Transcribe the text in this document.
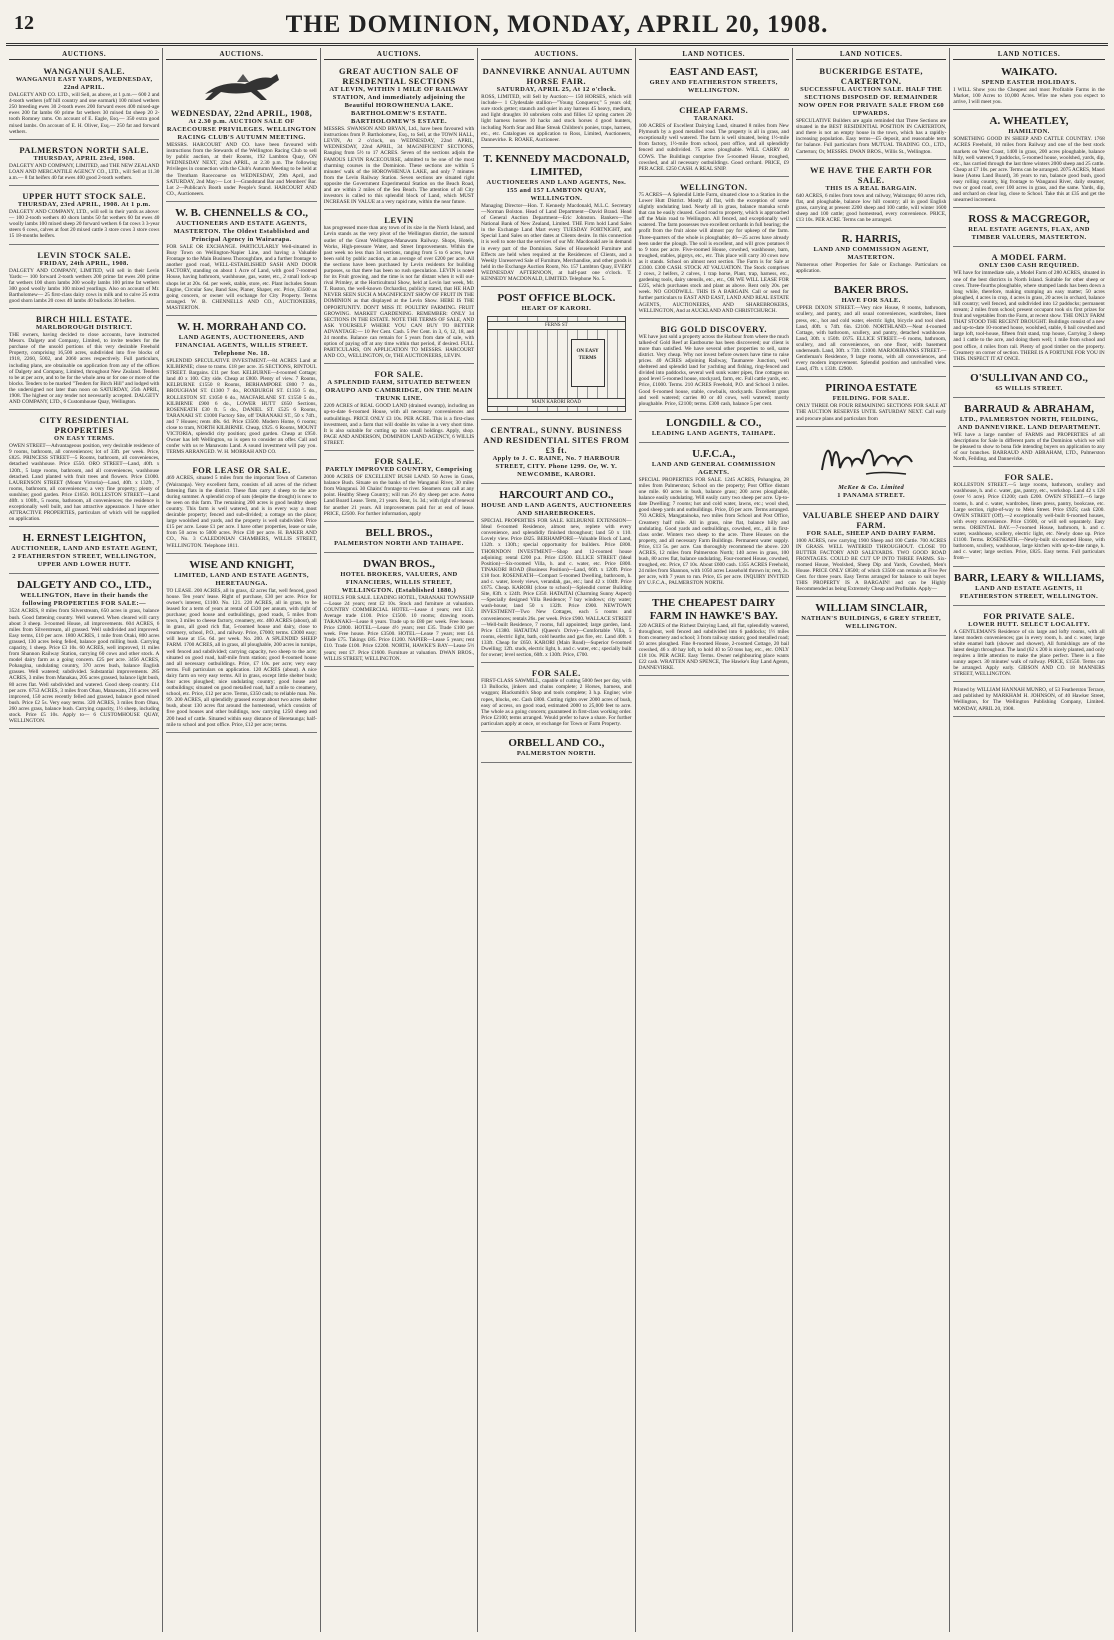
12	THE DOMINION, MONDAY, APRIL 20, 1908.
AUCTIONS.
WANGANUI SALE.
WANGANUI EAST YARDS, WEDNESDAY, 22nd APRIL.
DALGETY AND CO. LTD., will Sell, as above, at 1 p.m.— 600 2 and 4-tooth wethers (off hill country and one earmark) 100 mixed wethers 250 breeding ewes 30 2-tooth ewes 200 forward ewes 400 mixed-age ewes 200 fat lambs 60 prime fat wethers 30 mixed fat sheep 20 2-tooth Romney rams. On account of E. Eagle, Esq.— 350 extra good mixed lambs. On account of E. H. Oliver, Esq.— 250 fat and forward wethers.
PALMERSTON NORTH SALE.
THURSDAY, APRIL 23rd, 1908.
DALGETY AND COMPANY, LIMITED, and THE NEW ZEALAND LOAN AND MERCANTILE AGENCY CO., LTD., will Sell at 11.30 a.m.— 8 fat heifers 40 fat ewes 400 good 2-tooth wethers.
UPPER HUTT STOCK SALE.
THURSDAY, 23rd APRIL, 1908. At 1 p.m.
DALGETY AND COMPANY, LTD., will sell in their yards as above:— 100 2-tooth wethers 40 shorn lambs 50 fat wethers 60 fat ewes 40 woolly lambs 100 mixed sheep 20 forward wethers 6 fat cows 3 3-year steers 6 cows, calves at foot 20 mixed cattle 3 store cows 3 store cows 15 18-months heifers.
LEVIN STOCK SALE.
FRIDAY, 24th APRIL, 1908.
DALGETY AND COMPANY, LIMITED, will sell in their Levin Yards:— 100 forward 2-tooth wethers 200 prime fat ewes 200 prime fat wethers 100 shorn lambs 200 woolly lambs 100 prime fat wethers 300 good woolly lambs 100 mixed yearlings. Also on account of Mr. Bartholomew— 25 first-class dairy cows in milk and to calve 25 extra good shorn lambs 20 cows 40 lambs 40 bullocks 30 heifers.
BIRCH HILL ESTATE.
MARLBOROUGH DISTRICT.
THE owners, having decided to close accounts, have instructed Messrs. Dalgety and Company, Limited, to invite tenders for the purchase of the unsold portions of this very desirable Freehold Property, comprising 16,500 acres, subdivided into five blocks of 1918, 2260, 5002, and 2060 acres respectively. Full particulars, including plans, are obtainable on application from any of the offices of Dalgety and Company, Limited, throughout New Zealand. Tenders to be at per acre, and to be for the whole area or for one or more of the blocks. Tenders to be marked "Tenders for Birch Hill" and lodged with the undersigned not later than noon on SATURDAY, 25th APRIL, 1908. The highest or any tender not necessarily accepted. DALGETY AND COMPANY, LTD., 6 Customhouse Quay, Wellington.
CITY RESIDENTIAL PROPERTIES
ON EASY TERMS.
OWEN STREET—Advantageous position, very desirable residence of 9 rooms, bathroom, all conveniences; lot of 33ft. per week. Price, £825. PRINCESS STREET—5 Rooms, bathroom, all conveniences, detached washhouse. Price £550. ORO STREET—Land, 40ft. x 120ft., 5 large rooms, bathroom, and all conveniences, washhouse detached. Land planted with fruit trees and flowers. Price £1000. LAURENSON STREET (Mount Victoria)—Land, 40ft. x 132ft., 7 rooms, bathroom, all conveniences; a very fine property; plenty of sunshine; good garden. Price £1650. ROLLESTON STREET—Land 40ft. x 100ft., 5 rooms, bathroom, all conveniences; the residence is exceptionally well built, and has attractive appearance. I have other ATTRACTIVE PROPERTIES, particulars of which will be supplied on application.
H. ERNEST LEIGHTON,
AUCTIONEER, LAND AND ESTATE AGENT, 2 FEATHERSTON STREET, WELLINGTON, UPPER AND LOWER HUTT.
DALGETY AND CO., LTD.,
WELLINGTON, Have in their hands the following PROPERTIES FOR SALE:—
3524 ACRES, 8 miles from Silverstream, 650 acres in grass, balance bush. Good fattening country. Well watered. When cleared will carry about 3 sheep. 3-roomed House, all improvements. 604 ACRES, 6 miles from Silverstream, all grassed. Well subdivided and improved. Easy terms, £10 per acre. 1800 ACRES, 1 mile from Otaki, 800 acres grassed, 130 acres being felled, balance good milling bush. Carrying capacity, 1 sheep. Price £3 10s. 60 ACRES, well improved, 11 miles from Shannon Railway Station, carrying 60 cows and other stock. A model dairy farm as a going concern. £25 per acre. 3456 ACRES, Pohangina, undulating country, 370 acres bush, balance English grasses. Well watered; subdivided. Substantial improvements. 285 ACRES, 3 miles from Manakau, 205 acres grassed, balance light bush, 80 acres flat. Well subdivided and watered. Good sheep country. £14 per acre. 6753 ACRES, 3 miles from Ohau, Manawatu, 216 acres well improved, 150 acres recently felled and grassed, balance good mixed bush. Price £2 5s. Very easy terms. 320 ACRES, 3 miles from Ohau, 260 acres grass, balance bush. Carrying capacity, 1½ sheep, including stock. Price £5 10s. Apply to— 6 CUSTOMHOUSE QUAY, WELLINGTON.
AUCTIONS.
WEDNESDAY, 22nd APRIL, 1908,
At 2.30 p.m. AUCTION SALE OF RACECOURSE PRIVILEGES. WELLINGTON RACING CLUB'S AUTUMN MEETING.
MESSRS. HARCOURT AND CO. have been favoured with instructions from the Stewards of the Wellington Racing Club to sell by public auction, at their Rooms, 192 Lambton Quay, ON WEDNESDAY NEXT, 22nd APRIL, at 2.30 p.m. The following Privileges in connection with the Club's Autumn Meeting to be held at the Trentham Racecourse on WEDNESDAY, 29th April, and SATURDAY, 2nd May:— Lot 1—Grandstand Bar and Members' Bar. Lot 2—Publican's Booth under People's Stand. HARCOURT AND CO., Auctioneers.
W. B. CHENNELLS & CO.,
AUCTIONEERS AND ESTATE AGENTS, MASTERTON. The Oldest Established and Principal Agency in Wairarapa.
FOR SALE OR EXCHANGE. PARTICULARLY Well-situated in Busy Town on Wellington-Napier Line, and having a Valuable Frontage to the Main Business Thoroughfare, and a further frontage to another good road, WELL-ESTABLISHED SASH AND DOOR FACTORY, standing on about 1 Acre of Land, with good 7-roomed House, having bathroom, washhouse, gas, water, etc., 2 small lock-up shops let at 20s. 6d. per week, stable, store, etc. Plant includes Steam Engine, Circular Saw, Band Saw, Planer, Shaper, etc. Price, £3500 as going concern, or owner will exchange for City Property. Terms arranged. W. B. CHENNELLS AND CO., AUCTIONEERS, MASTERTON.
W. H. MORRAH AND CO.
LAND AGENTS, AUCTIONEERS, AND FINANCIAL AGENTS, WILLIS STREET. Telephone No. 18.
SPLENDID SPECULATIVE INVESTMENT.—84 ACRES Land at KILBIRNIE; close to trams. £18 per acre. 35 SECTIONS, RINTOUL STREET. Bargains. £11 per foot. KELBURNE—4-roomed Cottage; land 40 x 100. City side. Cheap at £800. Plenty of view. 7 Rooms, KELBURNE £1550 8 Rooms, BERHAMPORE £800 7 do., BROUGHAM ST. £1300 7 do., ROXBURGH ST. £1350 5 do., ROLLESTON ST. £1050 6 do., MACFARLANE ST. £1550 5 do., KILBIRNIE £900 6 do., LOWER HUTT £650 Sections, ROSENEATH £30 ft. 5 do., DANIEL ST. £525 6 Rooms, TARANAKI ST. £1000 Factory Site, off TARANAKI ST., 50 x 74ft., and 7 Houses; rents 48s. 6d. Price £3500. Modern Home, 6 rooms; close to tram, NORTH KILBIRNIE. Cheap, £925. 6 Rooms, MOUNT VICTORIA, splendid city position; good garden. Cheap at £950. Owner has left Wellington, so is open to consider an offer. Call and confer with us re Manawatu Land. A sound investment will pay you. TERMS ARRANGED. W. H. MORRAH AND CO.
FOR LEASE OR SALE.
469 ACRES, situated 5 miles from the important Town of Carterton (Wairarapa). Very excellent farm, consists of all acres of the richest fattening flats in the district. These flats carry 4 sheep to the acre during summer. A splendid crop of oats (despite the drought) is now to be seen on this farm. The remaining 200 acres is good healthy sheep country. This farm is well watered, and is in every way a most desirable property; fenced and sub-divided; a cottage on the place; large woolshed and yards, and the property is well subdivided. Price £15 per acre. Lease £1 per acre. I have other properties, lease or sale, from 50 acres to 5000 acres. Price £30 per acre. H. BAKER AND CO., No. 3 CALEDONIAN CHAMBERS, WILLIS STREET, WELLINGTON. Telephone 1811.
WISE AND KNIGHT,
LIMITED, LAND AND ESTATE AGENTS, HERETAUNGA.
TO LEASE. 200 ACRES, all in grass, 42 acres flat, well fenced, good house. Ten years' lease. Right of purchase, £30 per acre. Price for owner's interest, £1100. No. 121. 220 ACRES, all in grass, to be leased for a term of years at rental of £320 per annum, with right of purchase; good house and outbuildings, good roads, 5 miles from town, 3 miles to cheese factory, creamery, etc. 400 ACRES (about), all in grass, all good rich flat, 5-roomed house and dairy, close to creamery, school, P.O., and railway. Price, £7000; terms. £3000 easy; will lease at 15s. 6d. per week. No. 200. A SPLENDID SHEEP FARM. 1700 ACRES, all in grass, all ploughable, 200 acres in turnips, well fenced and subdivided; carrying capacity, two sheep to the acre; situated on good road, half-mile from station; good 8-roomed house and all necessary outbuildings. Price, £7 10s. per acre; very easy terms. Full particulars on application. 120 ACRES (about). A nice dairy farm on very easy terms. All in grass, except little shelter bush; four acres ploughed; nice undulating country; good house and outbuildings; situated on good metalled road, half a mile to creamery, school, etc. Price, £12 per acre. Terms, £350 cash; to reliable man. No. 99. 200 ACRES, all splendidly grassed except about two acres shelter bush, about 130 acres flat around the homestead, which consists of five good houses and other buildings, now carrying 1250 sheep and 200 head of cattle. Situated within easy distance of Heretaunga; half-mile to school and post office. Price, £12 per acre; terms.
AUCTIONS.
GREAT AUCTION SALE OF RESIDENTIAL SECTIONS
AT LEVIN, WITHIN 1 MILE OF RAILWAY STATION, And immediately adjoining the Beautiful HOROWHENUA LAKE. BARTHOLOMEW'S ESTATE. BARTHOLOMEW'S ESTATE.
MESSRS. SWANSON AND BRYAN, Ltd., have been favoured with instructions from P. Bartholomew, Esq., to Sell, at the TOWN HALL, LEVIN, At 2 o'clock, on WEDNESDAY, 22nd APRIL, WEDNESDAY, 22nd APRIL, 34 MAGNIFICENT SECTIONS, Ranging from 5½ to 17 ACRES. Seven of the sections adjoin the FAMOUS LEVIN RACECOURSE, admitted to be one of the most charming courses in the Dominion. These sections are within 5 minutes' walk of the HOROWHENUA LAKE, and only 7 minutes from the Levin Railway Station. Seven sections are situated right opposite the Government Experimental Station on the Beach Road, and are within 2 miles of the Sea Beach. The attention of all City investors is called to this splendid block of Land, which MUST INCREASE IN VALUE at a very rapid rate, within the near future.
LEVIN
has progressed more than any town of its size in the North Island, and Levin stands as the very pivot of the Wellington district, the natural outlet of the Great Wellington-Manawatu Railway. Shops, Hotels, Works, High-pressure Water, and Street Improvements. Within the past week no less than 34 sections, ranging from 5 to 6 acres, have been sold by public auction, at an average of over £200 per acre. All the sections have been purchased by Levin residents for building purposes, so that there has been no rush speculation. LEVIN is noted for its Fruit growing, and the time is not far distant when it will out-rival Primley, at the Horticultural Show, held at Levin last week, Mr. T. Ruston, the well-known Orchardist, publicly stated, that HE HAD NEVER SEEN SUCH A MAGNIFICENT SHOW OF FRUIT IN THE DOMINION as that displayed at the Levin Show. HERE IS THE OPPORTUNITY. DON'T MISS IT. POULTRY FARMING. FRUIT GROWING. MARKET GARDENING. REMEMBER: ONLY 34 SECTIONS IN THE ESTATE. NOTE THE TERMS OF SALE, AND ASK YOURSELF WHERE YOU CAN BUY TO BETTER ADVANTAGE:— 10 Per Cent. Cash. 5 Per Cent. in 3, 6, 12, 18, and 24 months. Balance can remain for 5 years from date of sale, with option of paying off at any time within that period, if desired. FULL PARTICULARS, ON APPLICATION TO MESSRS. HARCOURT AND CO., WELLINGTON, Or, THE AUCTIONEERS, LEVIN.
FOR SALE.
A SPLENDID FARM, SITUATED BETWEEN ORAUPO AND CAMBRIDGE, ON THE MAIN TRUNK LINE.
2209 ACRES of REAL GOOD LAND (drained swamp), including an up-to-date 6-roomed House, with all necessary conveniences and outbuildings. PRICE ONLY £3 10s. PER ACRE. This is a first-class investment, and a farm that will double its value in a very short time. It is also suitable for cutting up into small holdings. Apply, shop. PAGE AND ANDERSON, DOMINION LAND AGENCY, 6 WILLIS STREET.
FOR SALE.
PARTLY IMPROVED COUNTRY, Comprising
2000 ACRES OF EXCELLENT BUSH LAND. 50 Acres in Grass, balance Bush. Situate on the banks of the Wanganui River, 30 miles from Wanganui. 30 Chains' frontage to river. Steamers can call at any point. Healthy Sheep Country; will run 2½ dry sheep per acre. Aotea Land Board Lease. Term, 21 years. Rent, 1s. 3d.; with right of renewal for another 21 years. All improvements paid for at end of lease. PRICE, £2500. For further information, apply
BELL BROS.,
PALMERSTON NORTH AND TAIHAPE.
DWAN BROS.,
HOTEL BROKERS, VALUERS, AND FINANCIERS, WILLIS STREET, WELLINGTON. (Established 1880.)
HOTELS FOR SALE. LEADING HOTEL, TARANAKI TOWNSHIP—Lease 24 years; rent £2 10s. Stock and furniture at valuation. COUNTRY COMMERCIAL HOTEL—Lease 4 years; rent £12. Average trade £100. Price £1500. 10 rooms; drawing room. TARANAKI—Lease 8 years. Trade up to £80 per week. Free house. Price £2000. HOTEL—Lease 4½ years; rent £35. Trade £100 per week. Free house. Price £3500. HOTEL—Lease 7 years; rent £4. Trade £75. Takings £85. Price £1200. NAPIER—Lease 5 years; rent £10. Trade £100. Price £2200. NORTH, HAWKE'S BAY—Lease 5½ years; rent £7. Price £1600. Furniture at valuation. DWAN BROS., WILLIS STREET, WELLINGTON.
AUCTIONS.
DANNEVIRKE ANNUAL AUTUMN HORSE FAIR.
SATURDAY, APRIL 25, At 12 o'clock.
ROSS, LIMITED, will Sell by Auction:— 150 HORSES, which will include— 1 Clydesdale stallion—"Young Conqueror," 5 years old; sure stock getter; staunch and quiet in any harness 45 heavy, medium, and light draughts 10 unbroken colts and fillies 12 spring carters 20 light harness horses 10 hacks and stock horses 4 good hunters, including North Star and Blue Streak Children's ponies, traps, harness, etc., etc. Catalogues on application to Ross, Limited, Auctioneers, Dannevirke. R. ROAKE, Auctioneer.
T. KENNEDY MACDONALD, LIMITED,
AUCTIONEERS AND LAND AGENTS, Nos. 155 and 157 LAMBTON QUAY, WELLINGTON.
Managing Director—Hon. T. Kennedy Macdonald, M.L.C. Secretary—Norman Bolston. Head of Land Department—David Brand. Head of General Auction Department—Eric Johnston. Bankers—The National Bank of New Zealand, Limited. THE Firm hold Land Sales in the Exchange Land Mart every TUESDAY FORTNIGHT, and Special Land Sales on other dates at Clients desire. In this connection it is well to note that the services of our Mr. Macdonald are in demand in every part of the Dominion. Sales of Household Furniture and Effects are held when required at the Residences of Clients, and a Weekly Unreserved Sale of Furniture, Merchandise, and other goods is held in the Exchange Auction Room, No. 157 Lambton Quay, EVERY WEDNESDAY AFTERNOON, at half-past one o'clock. T. KENNEDY MACDONALD, LIMITED. Telephone No. 5.
POST OFFICE BLOCK.
HEART OF KARORI.
FERNS ST
MAIN KARORI ROAD
ON EASY TERMS
CENTRAL, SUNNY. BUSINESS AND RESIDENTIAL SITES FROM £3 ft.
Apply to J. C. RAINE, No. 7 HARBOUR STREET, CITY. Phone 1299. Or, W. Y. NEWCOMBE, KARORI.
HARCOURT AND CO.,
HOUSE AND LAND AGENTS, AUCTIONEERS AND SHAREBROKERS.
SPECIAL PROPERTIES FOR SALE. KELBURNE EXTENSION—Ideal 6-roomed Residence, almost new, replete with every convenience, and splendidly finished throughout; land 50 x 110. Lovely view. Price £825. BERHAMPORE—Valuable Block of Land, 132ft. x 130ft.; special opportunity for builders. Price £800. THORNDON INVESTMENT—Shop and 12-roomed house adjoining; rental £200 p.a. Price £2500. ELLICE STREET (Ideal Position)—Six-roomed Villa, h. and c. water, etc. Price £800. TINAKORI ROAD (Business Position)—Land, 66ft. x 120ft. Price £18 foot. ROSENEATH—Compact 5-roomed Dwelling, bathroom, h. and c. water, lovely views, verandah, gas, etc.; land 42 x 104ft. Price £675. Cheap. KARORI (close to school)—Splendid corner Building Site, 83ft. x 124ft. Price £350. HATAITAI (Charming Sunny Aspect)—Specially designed Villa Residence; 7 bay windows; city water; wash-house; land 50 x 132ft. Price £900. NEWTOWN INVESTMENT—Two New Cottages, each 5 rooms and conveniences; rentals 26s. per week. Price £900. WALLACE STREET—Well-built Residence, 7 rooms, full appointed; large garden, land. Price £1380. HATAITAI (Queen's Drive)—Comfortable Villa, 5 rooms, electric light, bath, cold hearths and gas fire, etc. Land 40ft. x 133ft. Cheap for £650. KARORI (Main Road)—Superior 6-roomed Dwelling; 12ft. studs, electric light, h. and c. water, etc.; specially built for owner; level section, 60ft. x 130ft. Price, £700.
FOR SALE.
FIRST-CLASS SAWMILL, capable of cutting 5000 feet per day, with 13 Bullocks, jinkers and chains complete; 2 Horses, harness, and waggon; Blacksmith's Shop and tools complete; 3 h.p. Engine; wire ropes, blocks, etc. Cash £800. Cutting rights over 2000 acres of bush, easy of access, on good road, estimated 2000 to 25,000 feet to acre. The whole as a going concern; guaranteed in first-class working order. Price £2100; terms arranged. Would prefer to have a share. For further particulars apply at once, or exchange for Town or Farm Property.
ORBELL AND CO.,
PALMERSTON NORTH.
LAND NOTICES.
EAST AND EAST,
GREY AND FEATHERSTON STREETS, WELLINGTON.
CHEAP FARMS.
TARANAKI.
100 ACRES of Excellent Dairying Land, situated 8 miles from New Plymouth by a good metalled road. The property is all in grass, and exceptionally well watered. The farm is well situated, being 1½-mile from factory, 1½-mile from school, post office, and all splendidly fenced and subdivided. 75 acres ploughable. WILL CARRY 40 COWS. The Buildings comprise five 5-roomed House, troughed, cowshed, and all necessary outbuildings. Good orchard. PRICE, £9 PER ACRE. £250 CASH. A REAL SNIP.
WELLINGTON.
75 ACRES—A Splendid Little Farm, situated close to a Station in the Lower Hutt District. Mostly all flat, with the exception of some slightly undulating land. Nearly all in grass, balance manuka scrub that can be easily cleared. Good road to property, which is approached off the Main road to Wellington. All fenced, and exceptionally well watered. The farm possesses two excellent orchards in full bearing; the profit from the fruit alone will almost pay for upkeep of the farm. Three-quarters of the whole is ploughable; 40—25 acres have already been under the plough. The soil is excellent, and will grow potatoes 8 to 9 tons per acre. Five-roomed House, cowshed, washhouse, barn, troughed, stables, pigstys, etc., etc. This place will carry 30 cows now as it stands. School on almost next section. The Farm is for Sale at £3300. £300 CASH. STOCK AT VALUATION. The Stock comprises 2 cows, 2 heifers, 2 calves, 1 trap horse, Plant, trap, harness, etc., gardening tools, dairy utensils, etc., etc., OR WE WILL LEASE FOR £225, which purchases stock and plant as above. Rent only 20s. per week. NO GOODWILL. THIS IS A BARGAIN. Call or send for further particulars to EAST AND EAST, LAND AND REAL ESTATE AGENTS, AUCTIONEERS, AND SHAREBROKERS, WELLINGTON, And at AUCKLAND AND CHRISTCHURCH.
BIG GOLD DISCOVERY.
WE have just sold a property across the Harbour from where the much talked-of Gold Reef at Eastbourne has been discovered; our client is more than satisfied. We have several other properties to sell, same district. Very cheap. Why not invest before owners have time to raise prices. 40 ACRES adjoining Railway, Taumarere Junction, well sheltered and splendid land for yachting and fishing, ring-fenced and divided into paddocks, several well sunk water pipes, fine cottages on good level 5-roomed house, stockyard, farm, etc. Full cattle yards, etc. Price, £1000. Terms. 210 ACRES Freehold, P.O. and School 3 miles. Good 6-roomed house, stable, cowbails, stockyards. Excellent grass and well watered; carries 80 or 40 cows, well watered; mostly ploughable. Price, £2100; terms. £300 cash, balance 5 per cent.
LONGDILL & CO.,
LEADING LAND AGENTS, TAIHAPE.
U.F.C.A.,
LAND AND GENERAL COMMISSION AGENTS.
SPECIAL PROPERTIES FOR SALE. 1245 ACRES, Pohangina, 28 miles from Palmerston; School on the property; Post Office distant one mile. 60 acres in bush, balance grass; 200 acres ploughable, balance easily undulating. Will easily carry two sheep per acre. Up-to-date Dwelling; 7 rooms; hot and cold water, lawns, etc.; wool shed, good sheep yards and outbuildings. Price, £6 per acre. Terms arranged. 793 ACRES, Mangatainoka, two miles from School and Post Office, Creamery half mile. All in grass, nine flat, balance hilly and undulating. Good yards and outbuildings, cowshed, etc., all in first-class order. Winters two sheep to the acre. Three Houses on the property, and all necessary Farm Buildings. Permanent water supply. Price, £13 5s. per acre. Can thoroughly recommend the above. 220 ACRES, 12 miles from Palmerston North; 140 acres in grass, 100 bush, 80 acres flat, balance undulating. Four-roomed House, cowshed, troughed, etc. Price, £7 10s. About £600 cash. 1355 ACRES Freehold, 24 miles from Shannon, with 1050 acres Leasehold thrown in; rent, 2s. per acre, with 7 years to run. Price, £5 per acre. INQUIRY INVITED BY U.F.C.A., PALMERSTON NORTH.
THE CHEAPEST DAIRY FARM IN HAWKE'S BAY.
220 ACRES of the Richest Dairying Land, all flat, splendidly watered, throughout, well fenced and subdivided into 6 paddocks; 1½ miles from creamery and school; 3 from railway station; good metalled road; 50 acres ploughed. Fine 8-roomed House, 2-roomed Cottage, 20 bail cowshed, 46 x 40 hay loft, to hold 40 to 50 tons hay, etc., etc. ONLY £18 10s. PER ACRE. Easy Terms. Owner neighbouring place wants £22 cash. WRATTEN AND SPENCE, The Hawke's Bay Land Agents, DANNEVIRKE.
LAND NOTICES.
BUCKERIDGE ESTATE, CARTERTON.
SUCCESSFUL AUCTION SALE. HALF THE SECTIONS DISPOSED OF. REMAINDER NOW OPEN FOR PRIVATE SALE FROM £60 UPWARDS.
SPECULATIVE Builders are again reminded that Three Sections are situated in the BEST RESIDENTIAL POSITION IN CARTERTON, and there is not an empty house in the town, which has a rapidly-increasing population. Easy terms—£5 deposit, and reasonable term for balance. Full particulars from MUTUAL TRADING CO., LTD., Carterton; Or, MESSRS. DWAN BROS., Willis St., Wellington.
WE HAVE THE EARTH FOR SALE.
THIS IS A REAL BARGAIN.
640 ACRES, 6 miles from town and railway, Wairarapa; 60 acres rich, flat, and ploughable, balance low hill country; all in good English grass, carrying at present 2200 sheep and 100 cattle, will winter 1600 sheep and 100 cattle; good homestead, every convenience. PRICE, £13 10s. PER ACRE. Terms can be arranged.
R. HARRIS,
LAND AND COMMISSION AGENT, MASTERTON.
Numerous other Properties for Sale or Exchange. Particulars on application.
BAKER BROS.
HAVE FOR SALE.
UPPER DIXON STREET.—Very nice House, 8 rooms, bathroom, scullery, and pantry, and all usual conveniences, wardrobes, linen press, etc., hot and cold water, electric light, bicycle and tool shed. Land, 40ft. x 74ft. 6in. £2100. NORTHLAND.—Neat 4-roomed Cottage, with bathroom, scullery, and pantry, detached washhouse. Land, 30ft. x 150ft. £675. ELLICE STREET.—6 rooms, bathroom, scullery, and all conveniences, on one floor, with basement underneath. Land, 30ft. x 73ft. £1000. MARJORIBANKS STREET.—Gentleman's Residence, 9 large rooms, with all conveniences, and every modern improvement. Splendid position and unrivalled view. Land, 47ft. x 133ft. £2900.
PIRINOA ESTATE
FEILDING. FOR SALE.
ONLY THREE OR FOUR REMAINING SECTIONS FOR SALE AT THE AUCTION RESERVES UNTIL SATURDAY NEXT. Call early and procure plans and particulars from
McKee & Co. Limited
1 PANAMA STREET.
VALUABLE SHEEP AND DAIRY FARM.
FOR SALE, SHEEP AND DAIRY FARM.
1000 ACRES, now carrying 1900 Sheep and 100 Cattle. 700 ACRES IN GRASS. WELL WATERED THROUGHOUT. CLOSE TO BUTTER FACTORY AND SALEYARDS. TWO GOOD ROAD FRONTAGES. COULD BE CUT UP INTO THREE FARMS. Six-roomed House, Woolshed, Sheep Dip and Yards, Cowshed, Men's House. PRICE ONLY £8500; of which £3500 can remain at Five Per Cent. for three years. Easy Terms arranged for balance to suit buyer. THIS PROPERTY IS A BARGAIN! and can be Highly Recommended as being Extremely Cheap and Profitable. Apply—
WILLIAM SINCLAIR,
NATHAN'S BUILDINGS, 6 GREY STREET, WELLINGTON.
LAND NOTICES.
WAIKATO.
SPEND EASTER HOLIDAYS.
I WILL Show you the Cheapest and most Profitable Farms in the Market, 100 Acres to 10,000 Acres. Wire me when you expect to arrive, I will meet you.
A. WHEATLEY,
HAMILTON.
SOMETHING GOOD IN SHEEP AND CATTLE COUNTRY. 1768 ACRES Freehold, 10 miles from Railway and one of the best stock markets on West Coast, 1400 in grass, 200 acres ploughable, balance hilly, well watered, 9 paddocks, 5-roomed house, woolshed, yards, dip, etc., has carried through the last three winters 2000 sheep and 25 cattle. Cheap at £7 10s. per acre. Terms can be arranged. 2075 ACRES, Maori lease (Aotea Land Board), 36 years to run, balance good bush, good easy rolling country, big frontage to Wanganui River, daily steamer, two or good road, over 100 acres in grass, and the same. Yards, dip, and orchard on clear log, close to School. Take this at £35 and get the unearned increment.
ROSS & MACGREGOR,
REAL ESTATE AGENTS, FLAX, AND TIMBER VALUERS, MASTERTON.
A MODEL FARM.
ONLY £300 CASH REQUIRED.
WE have for immediate sale, a Model Farm of 280 ACRES, situated in one of the best districts in North Island. Suitable for other sheep or cows. Three-fourths ploughable, where stumped lands has been down a long while, therefore, making stumping an easy matter; 50 acres ploughed, 4 acres in crop, 4 acres in grass, 20 acres in orchard, balance hill country; well fenced, and subdivided into 12 paddocks; permanent stream; 2 miles from school; present occupant took six first prizes for fruit and vegetables from the Farm, at recent show. THE ONLY FARM THAT STOOD THE RECENT DROUGHT. Buildings consist of a new and up-to-date 10-roomed house, woolshed, stable, 6 bail cowshed and large loft, tool-house, fifteen fruit stand, trap house, Carrying 3 sheep and 1 cattle to the acre, and doing them well; 1 mile from school and post office, 4 miles from rail. Plenty of good timber on the property. Creamery on corner of section. THERE IS A FORTUNE FOR YOU IN THIS. INSPECT IT AT ONCE.
O'SULLIVAN AND CO.,
65 WILLIS STREET.
BARRAUD & ABRAHAM,
LTD., PALMERSTON NORTH, FEILDING, AND DANNEVIRKE. LAND DEPARTMENT.
WE have a large number of FARMS and PROPERTIES of all descriptions for Sale in different parts of the Dominion which we will be pleased to show to bona fide intending buyers on application to any of our branches. BARRAUD AND ABRAHAM, LTD., Palmerston North, Feilding, and Dannevirke.
FOR SALE.
ROLLESTON STREET.—5 large rooms, bathroom, scullery and washhouse, h. and c. water, gas, pantry, etc., workshop. Land 42 x 128 (over ½ acre). Price £1200; cash £200. OWEN STREET.—6 large rooms, h. and c. water, wardrobes, linen press, pantry, bookcase, etc. Large section, right-of-way to Mein Street. Price £925; cash £200. OWEN STREET (Off).—2 exceptionally well-built 6-roomed houses, with every convenience. Price £1600, or will sell separately. Easy terms. ORIENTAL BAY.—7-roomed House, bathroom, h. and c. water, washhouse, scullery, electric light, etc. Newly done up. Price £1100. Terms. ROSENEATH.—Newly-built six-roomed House, with bathroom, scullery, washhouse, large kitchen with up-to-date range, h. and c. water; large section. Price, £825. Easy terms. Full particulars from—
BARR, LEARY & WILLIAMS,
LAND AND ESTATE AGENTS, 11 FEATHERSTON STREET, WELLINGTON.
FOR PRIVATE SALE.
LOWER HUTT. SELECT LOCALITY.
A GENTLEMAN'S Residence of six large and lofty rooms, with all latest modern conveniences; gas in every room, h. and c. water, large white enamel bath (shower and shower), All furnishings are of the latest design throughout. The land (62 x 200 is nicely planted, and only requires a little attention to make the place perfect. There is a fine sunny aspect. 30 minutes' walk of railway. PRICE, £1550. Terms can be arranged. Apply early. GIBSON AND CO. 18 MANNERS STREET, WELLINGTON.
Printed by WILLIAM HANNAH MUNRO, of 53 Featherston Terrace, and published by MARKHAM H. JOHNSON, of 40 Hawker Street, Wellington, for The Wellington Publishing Company, Limited. MONDAY, APRIL 20, 1908.
